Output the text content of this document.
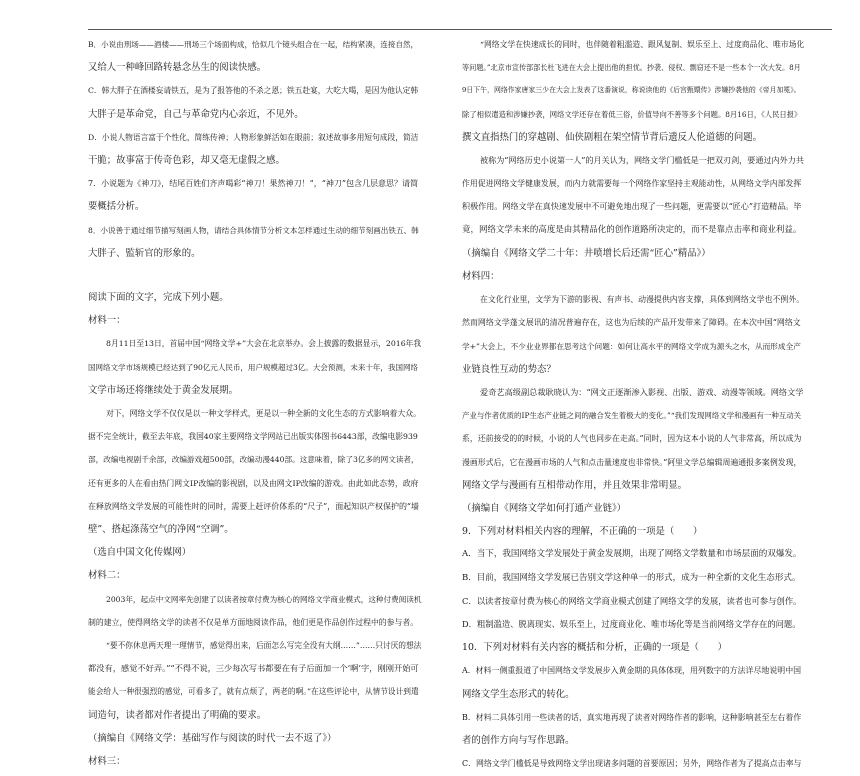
B．小说由刑场——酒楼——刑场三个场面构成，恰似几个镜头组合在一起，结构紧凑，连接自然，

又给人一种峰回路转悬念丛生的阅读快感。

C．韩大胖子在酒楼妄请铁五，是为了报答他的不杀之恩；铁五赴宴，大吃大喝，是因为他认定韩

大胖子是革命党，自己与革命党内心亲近，不见外。

D．小说人物语言富于个性化，简练传神；人物形象鲜活如在眼前；叙述故事多用短句成段，简洁

干脆；故事富于传奇色彩，却又毫无虚假之感。

7．小说题为《神刀》，结尾百姓们齐声喝彩“神刀！果然神刀！”，“神刀”包含几层意思？请简

要概括分析。

8．小说善于通过细节描写刻画人物，请结合具体情节分析文本怎样通过生动的细节刻画出铁五、韩

大胖子、監斩官的形象的。

阅读下面的文字，完成下列小题。

材料一：

8月11日至13日，首届中国“网络文学+”大会在北京举办。会上披露的数据显示，2016年我

国网络文学市场规模已经达到了90亿元人民币，用户规模超过3亿。大会预测，未来十年，我国网络

文学市场还将继续处于黄金发展期。

对下，网络文学不仅仅是以一种文学样式，更是以一种全新的文化生态的方式影响着大众。

据不完全统计，截至去年底，我国40家主要网络文学网站已出版实体图书6443部，改编电影939

部，改编电视剧千余部，改编游戏超500部，改编动漫440部。这意味着，除了3亿多的网文读者，

还有更多的人在看由热门网文IP改编的影视剧，以及由网文IP改编的游戏。由此如此态势，政府

在释放网络文学发展的可能性时的同时，需要上赶评价体系的“尺子”，面起知识产权保护的“墙

壁”、搭起涤荡空气的净网“空调”。

（选自中国文化传媒网）

材料二：

2003年，起点中文网率先创建了以读者按章付费为核心的网络文学商业模式，这种付费阅读机

制的建立，使得网络文学的读者不仅是单方面地阅读作品，他们更是作品创作过程中的参与者。

“要不你休息两天理一理情节，感觉得出来，后面怎么写完全没有大纲……”……只讨厌的想法

都没有，感觉不好弄。”“不得不说，三少每次写书都要在有子后面加一个‘啊’字，刚刚开始可

能会给人一种很强烈的感觉，可看多了，就有点烦了，两老的啊。”在这些评论中，从情节设计到遣

词造句，读者都对作者提出了明确的要求。

（摘编自《网络文学：基础写作与阅读的时代一去不返了》）

材料三：

“网络文学在快速成长的同时，也伴随着粗滥造、跟风复制、娱乐至上、过度商品化、唯市场化

等问题。”北京市宣传部部长杜飞进在大会上提出他的担忧。抄袭、侵权、剽窃还不是一些本个一次大发。8月

9日下午，网络作家唐家三少在大会上发表了这番演说，称说读他的《后宫甄嬛传》涉嫌抄袭他的《帝月加冕》。

除了相似遣造和涉嫌抄袭，网络文学还存在着低三俗，价值导向不善等多个问题。8月16日，《人民日报》

撰文直指热门的穿越剧、仙侠剧粗在架空情节背后遗反人伦道德的问题。

被称为“网络历史小说第一人”的月关认为，网络文学门槛低是一把双刃剑，要通过内外力共

作用促进网络文学健康发展，而内力就需要每一个网络作家坚持主观能动性，从网络文学内部发挥

积极作用。网络文学在真快速发展中不可避免地出现了一些问题，更需要以“匠心”打造精品。毕

竟，网络文学未来的高度是由其精品化的创作道路所决定的，而不是靠点击率和商业利益。

（摘编自《网络文学二十年：井喷增长后还需“匠心”精品》）

材料四：

在文化行业里，文学为下游的影视、有声书、动漫提供内容支撑，具体到网络文学也不例外。

然而网络文学蓬文展讯的清况普遍存在，这也为后续的产品开发带来了障碍。在本次中国“网络文

学+”大会上，不少业业界都在思考这个问题：如何让高水平的网络文学成为源头之水，从而形成全产

业链良性互动的势态？

爱奇艺高级副总裁耿晓认为：“网文正逐渐渗入影视、出版、游戏、动漫等领域。网络文学

产业与作者优质的IP生态产业链之间的融合发生着极大的变化。”“我们发现网络文学和漫画有一种互动关

系，还前接受的的时候，小说的人气也同步在走高。”同时，因为这本小说的人气非常高，所以成为

漫画形式后，它在漫画市场的人气和点击量速度也非常快。”阿里文学总编辑周遍通报多案例发现，

网络文学与漫画有互相带动作用，并且效果非常明显。

（摘编自《网络文学如何打通产业链》）

9．下列对材料相关内容的理解，不正确的一项是（　　）

A．当下，我国网络文学发展处于黄金发展期，出现了网络文学数量和市场层面的双爆发。

B．目前，我国网络文学发展已告别文学这种单一的形式，成为一种全新的文化生态形式。

C．以读者按章付费为核心的网络文学商业模式创建了网络文学的发展，读者也可参与创作。

D．粗制滥造、脱离现实、娱乐至上，过度商业化、唯市场化等是当前网络文学存在的问题。

10．下列对材料有关内容的概括和分析，正确的一项是（　　）

A．材料一侧重报道了中国网络文学发展步入黄金期的具体体现，用列数字的方法详尽地说明中国

网络文学生态形式的转化。

B．材料二具体引用一些读者的话，真实地再现了读者对网络作者的影响，这种影响甚至左右着作

者的创作方向与写作思路。

C．网络文学门槛低是导致网络文学出现诸多问题的首要原因；另外，网络作者为了提高点击率与
